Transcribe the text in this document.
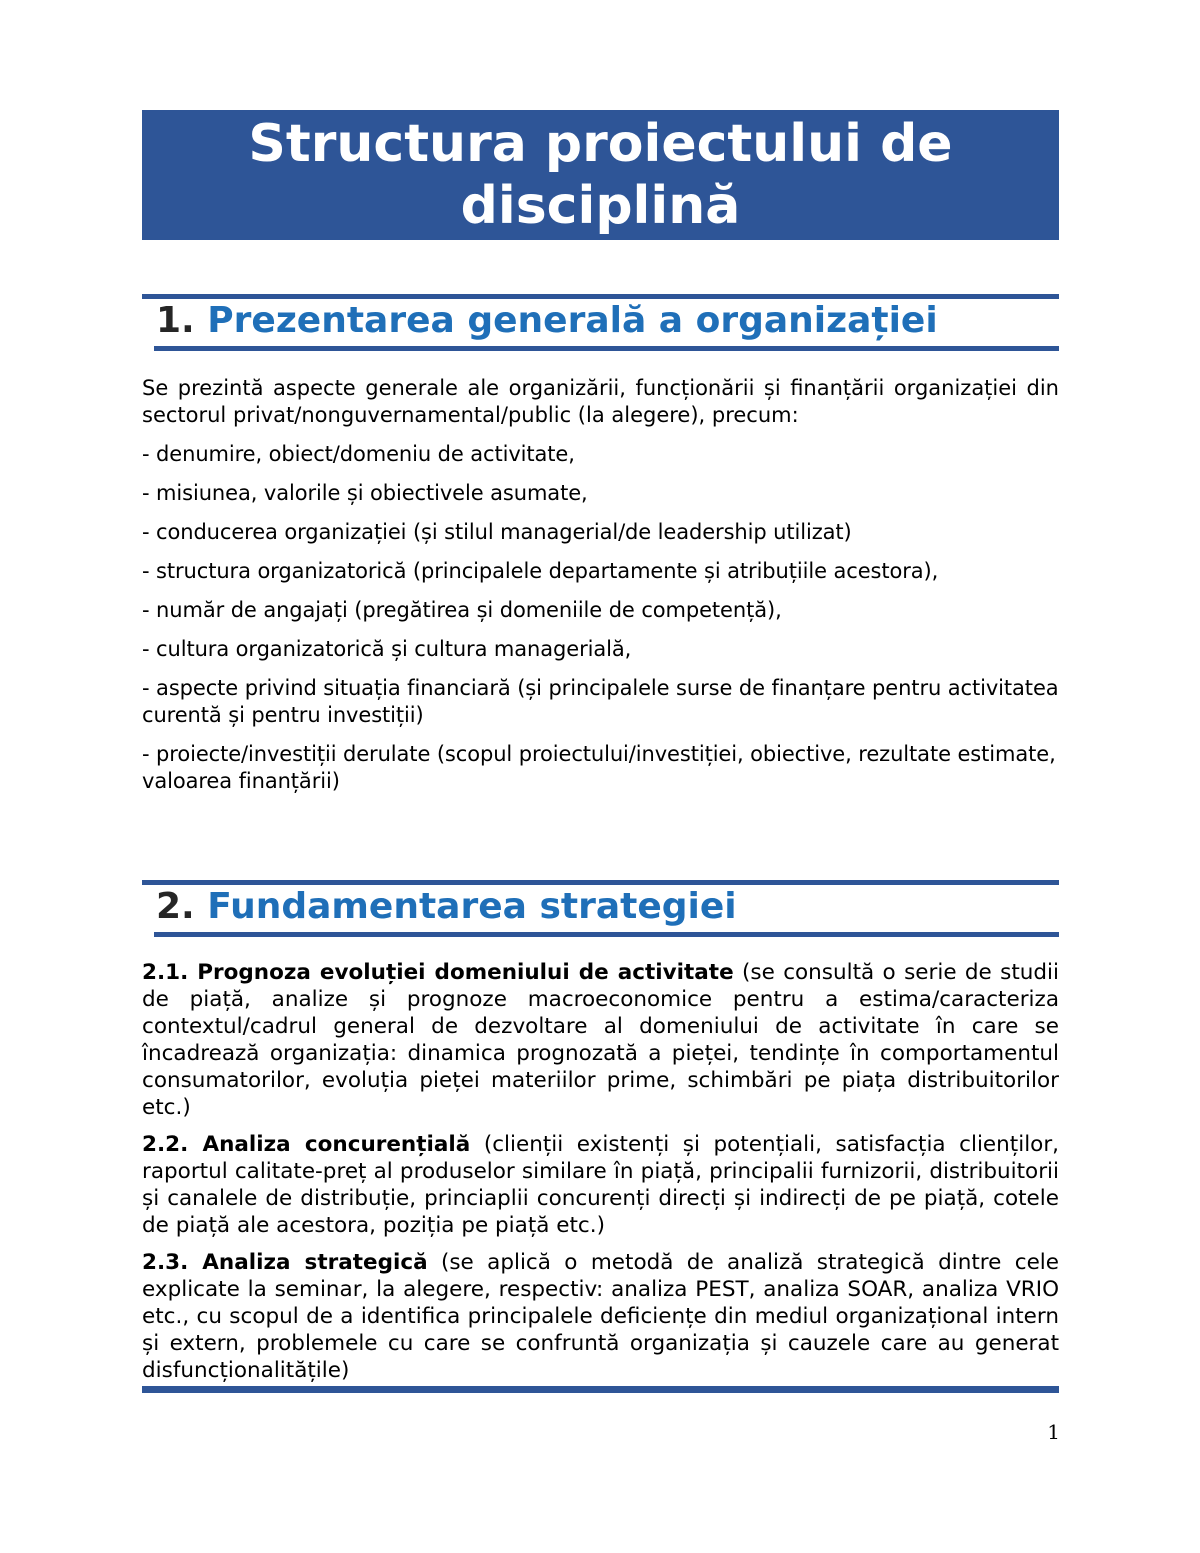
Structura proiectului de disciplină
1. Prezentarea generală a organizației
Se prezintă aspecte generale ale organizării, funcționării și finanțării organizației din sectorul privat/nonguvernamental/public (la alegere), precum:
- denumire, obiect/domeniu de activitate,
- misiunea, valorile și obiectivele asumate,
- conducerea organizației (și stilul managerial/de leadership utilizat)
- structura organizatorică (principalele departamente și atribuțiile acestora),
- număr de angajați (pregătirea și domeniile de competență),
- cultura organizatorică și cultura managerială,
- aspecte privind situația financiară (și principalele surse de finanțare pentru activitatea curentă și pentru investiții)
- proiecte/investiții derulate (scopul proiectului/investiției, obiective, rezultate estimate, valoarea finanțării)
2. Fundamentarea strategiei
2.1. Prognoza evoluției domeniului de activitate (se consultă o serie de studii de piață, analize și prognoze macroeconomice pentru a estima/caracteriza contextul/cadrul general de dezvoltare al domeniului de activitate în care se încadrează organizația: dinamica prognozată a pieței, tendințe în comportamentul consumatorilor, evoluția pieței materiilor prime, schimbări pe piața distribuitorilor etc.)
2.2. Analiza concurențială (clienții existenți și potențiali, satisfacția clienților, raportul calitate-preț al produselor similare în piață, principalii furnizorii, distribuitorii și canalele de distribuție, princiaplii concurenți direcți și indirecți de pe piață, cotele de piață ale acestora, poziția pe piață etc.)
2.3. Analiza strategică (se aplică o metodă de analiză strategică dintre cele explicate la seminar, la alegere, respectiv: analiza PEST, analiza SOAR, analiza VRIO etc., cu scopul de a identifica principalele deficiențe din mediul organizațional intern și extern, problemele cu care se confruntă organizația și cauzele care au generat disfuncționalitățile)
1
